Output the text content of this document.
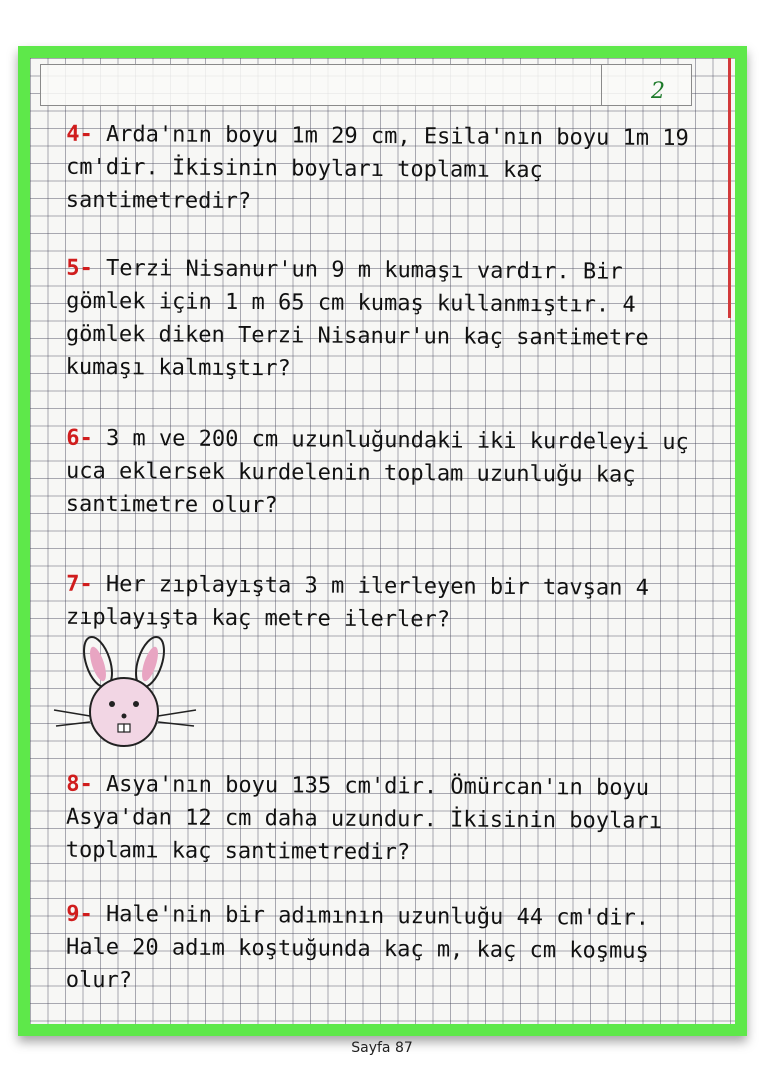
2
4- Arda'nın boyu 1m 29 cm, Esila'nın boyu 1m 19 cm'dir. İkisinin boyları toplamı kaç santimetredir?
5- Terzi Nisanur'un 9 m kumaşı vardır. Bir gömlek için 1 m 65 cm kumaş kullanmıştır. 4 gömlek diken Terzi Nisanur'un kaç santimetre kumaşı kalmıştır?
6- 3 m ve 200 cm uzunluğundaki iki kurdeleyi uç uca eklersek kurdelenin toplam uzunluğu kaç santimetre olur?
7- Her zıplayışta 3 m ilerleyen bir tavşan 4 zıplayışta kaç metre ilerler?
8- Asya'nın boyu 135 cm'dir. Ömürcan'ın boyu Asya'dan 12 cm daha uzundur. İkisinin boyları toplamı kaç santimetredir?
9- Hale'nin bir adımının uzunluğu 44 cm'dir. Hale 20 adım koştuğunda kaç m, kaç cm koşmuş olur?
Sayfa 87
